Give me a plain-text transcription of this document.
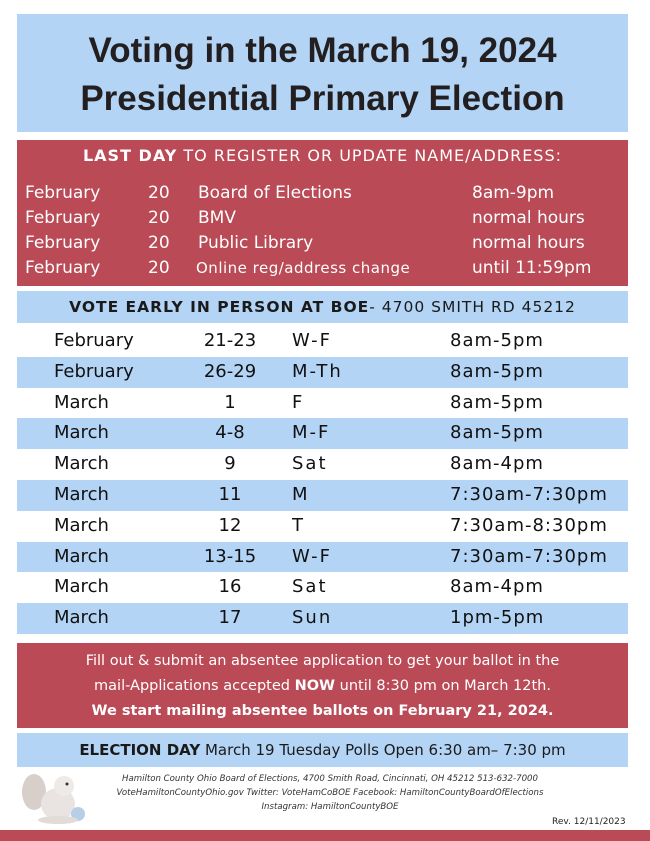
Voting in the March 19, 2024
Presidential Primary Election
LAST DAY TO REGISTER OR UPDATE NAME/ADDRESS:
February	20 Board of Elections	8am-9pm
February	20 BMV	normal hours
February	20 Public Library	normal hours
February	20 Online reg/address change	until 11:59pm
VOTE EARLY IN PERSON AT BOE- 4700 SMITH RD 45212
February	21-23 W-F	8am-5pm
February	26-29 M-Th	8am-5pm
March	1	F	8am-5pm
March	4-8	M-F	8am-5pm
March	9	Sat	8am-4pm
March	11	M	7:30am-7:30pm
March	12	T	7:30am-8:30pm
March	13-15 W-F	7:30am-7:30pm
March	16	Sat	8am-4pm
March	17	Sun	1pm-5pm
Fill out & submit an absentee application to get your ballot in the
mail-Applications accepted NOW until 8:30 pm on March 12th.
We start mailing absentee ballots on February 21, 2024.
ELECTION DAY March 19 Tuesday Polls Open 6:30 am– 7:30 pm
Hamilton County Ohio Board of Elections, 4700 Smith Road, Cincinnati, OH 45212 513-632-7000
VoteHamiltonCountyOhio.gov Twitter: VoteHamCoBOE Facebook: HamiltonCountyBoardOfElections
Instagram: HamiltonCountyBOE
Rev. 12/11/2023
